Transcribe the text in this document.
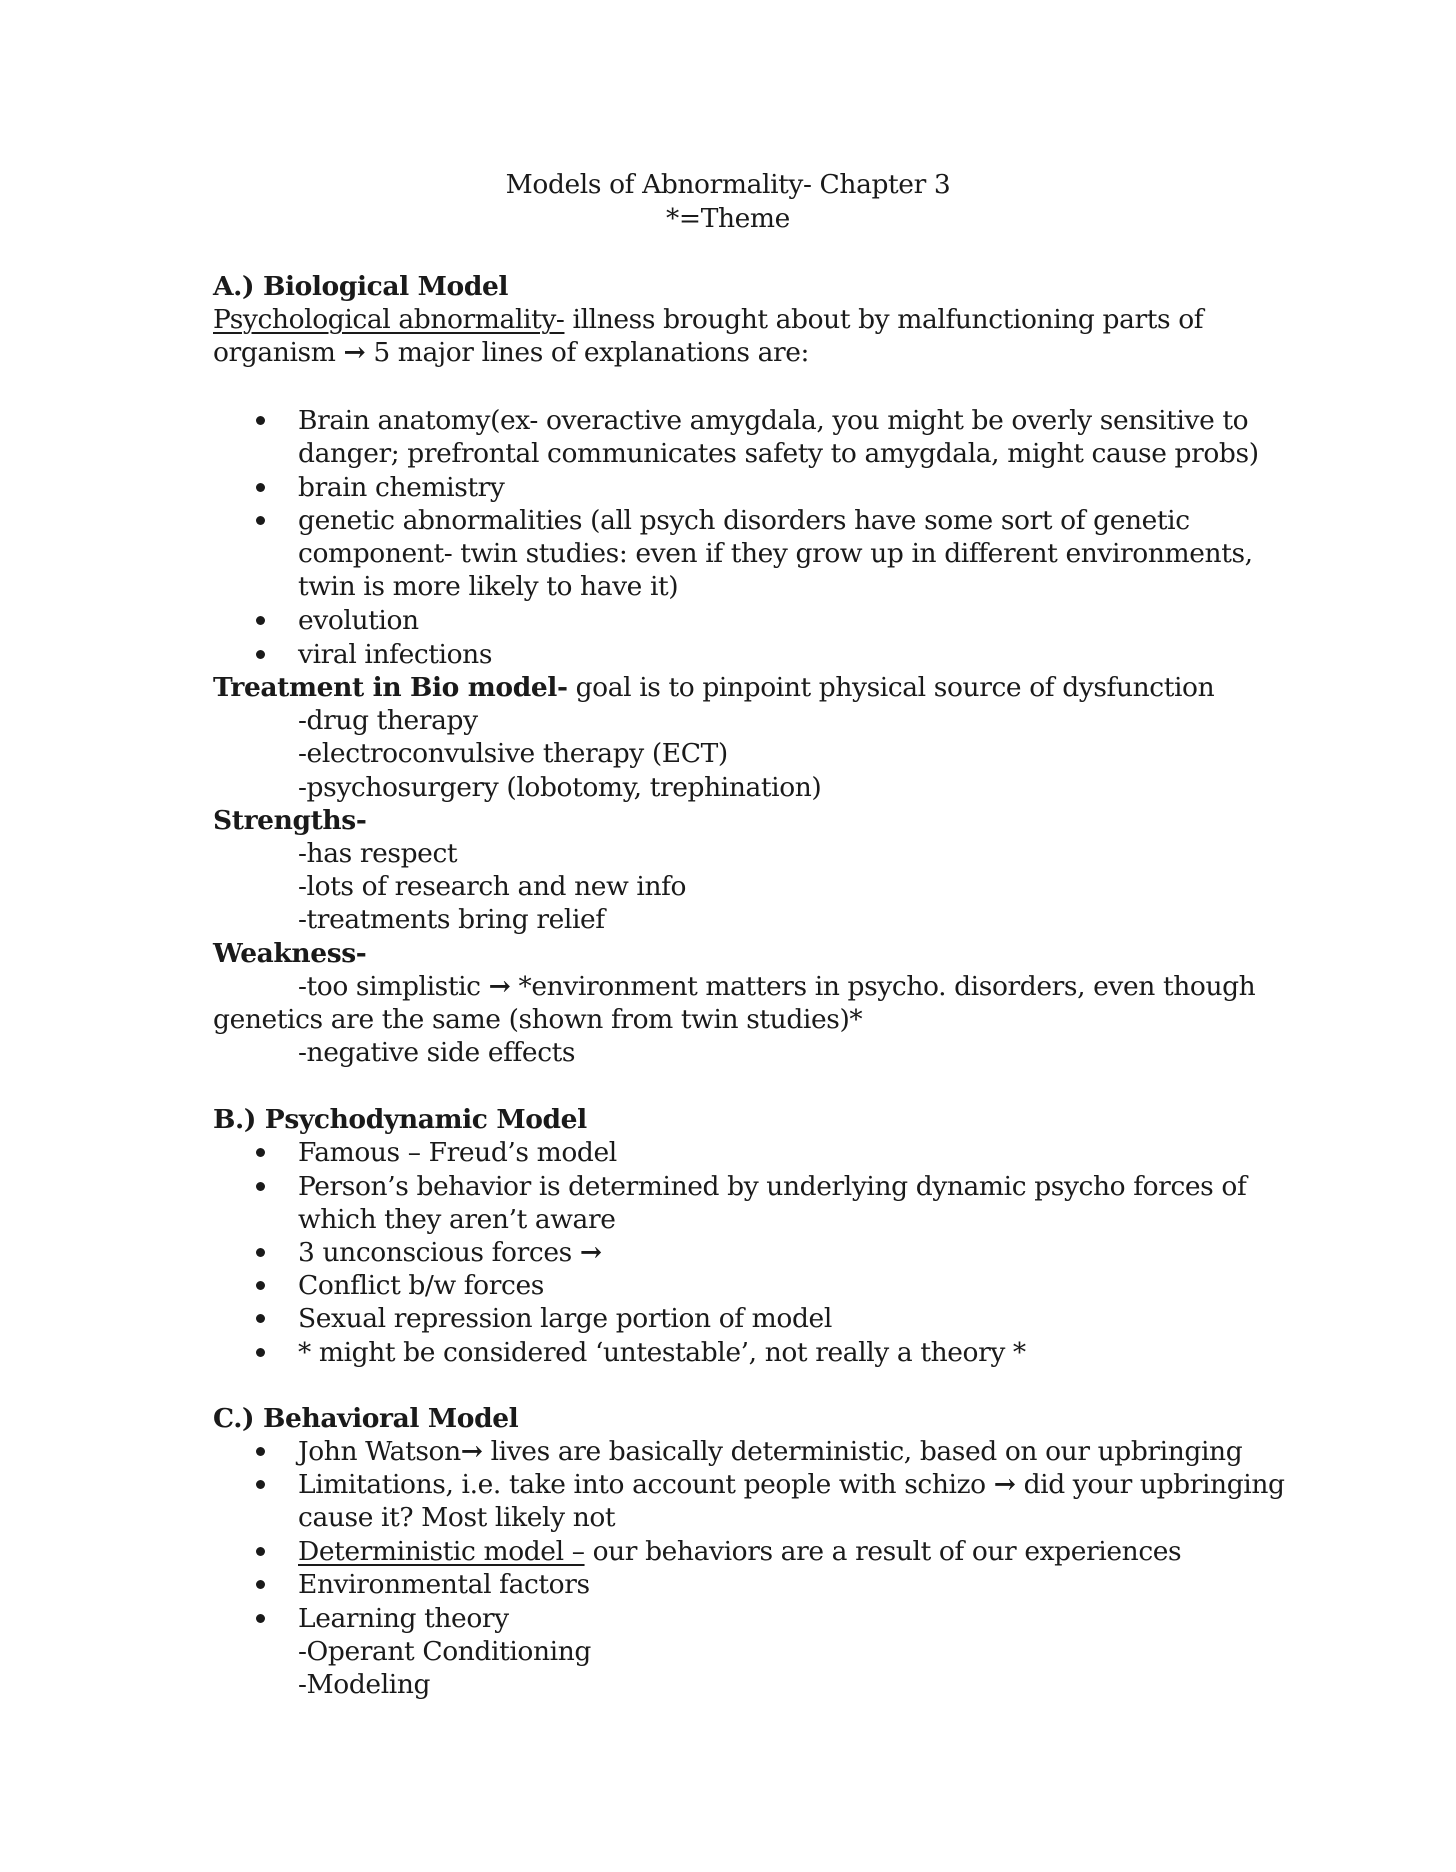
Models of Abnormality- Chapter 3
*=Theme
A.) Biological Model
Psychological abnormality- illness brought about by malfunctioning parts of
organism → 5 major lines of explanations are:
Brain anatomy(ex- overactive amygdala, you might be overly sensitive to
danger; prefrontal communicates safety to amygdala, might cause probs)
brain chemistry
genetic abnormalities (all psych disorders have some sort of genetic
component- twin studies: even if they grow up in different environments,
twin is more likely to have it)
evolution
viral infections
Treatment in Bio model- goal is to pinpoint physical source of dysfunction
-drug therapy
-electroconvulsive therapy (ECT)
-psychosurgery (lobotomy, trephination)
Strengths-
-has respect
-lots of research and new info
-treatments bring relief
Weakness-
-too simplistic → *environment matters in psycho. disorders, even though
genetics are the same (shown from twin studies)*
-negative side effects
B.) Psychodynamic Model
Famous – Freud’s model
Person’s behavior is determined by underlying dynamic psycho forces of
which they aren’t aware
3 unconscious forces →
Conflict b/w forces
Sexual repression large portion of model
* might be considered ‘untestable’, not really a theory *
C.) Behavioral Model
John Watson→ lives are basically deterministic, based on our upbringing
Limitations, i.e. take into account people with schizo → did your upbringing
cause it? Most likely not
Deterministic model – our behaviors are a result of our experiences
Environmental factors
Learning theory
-Operant Conditioning
-Modeling
